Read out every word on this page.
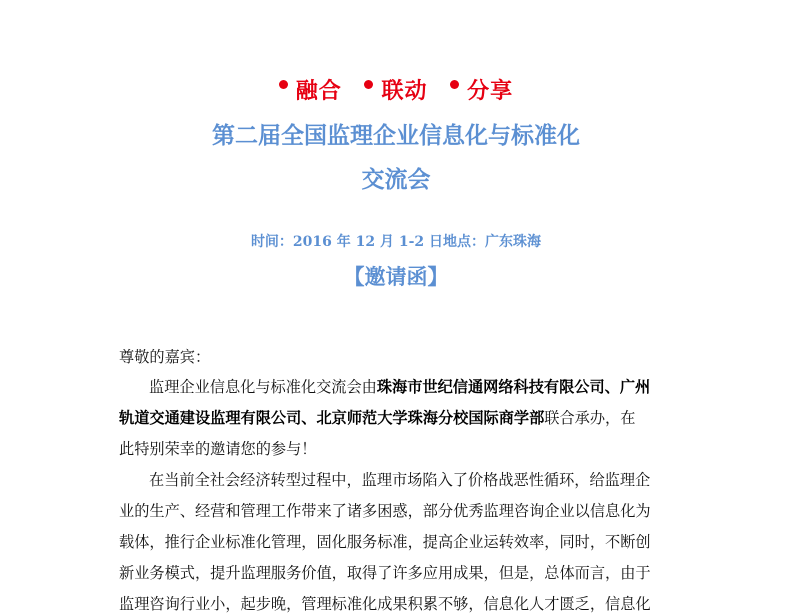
融合 联动 分享
第二届全国监理企业信息化与标准化
交流会
时间：2016 年 12 月 1-2 日地点：广东珠海
【邀请函】
尊敬的嘉宾：
监理企业信息化与标准化交流会由珠海市世纪信通网络科技有限公司、广州
轨道交通建设监理有限公司、北京师范大学珠海分校国际商学部联合承办，在
此特别荣幸的邀请您的参与！
在当前全社会经济转型过程中，监理市场陷入了价格战恶性循环，给监理企
业的生产、经营和管理工作带来了诸多困惑，部分优秀监理咨询企业以信息化为
载体，推行企业标准化管理，固化服务标准，提高企业运转效率，同时，不断创
新业务模式，提升监理服务价值，取得了许多应用成果，但是，总体而言，由于
监理咨询行业小，起步晚，管理标准化成果积累不够，信息化人才匮乏，信息化
